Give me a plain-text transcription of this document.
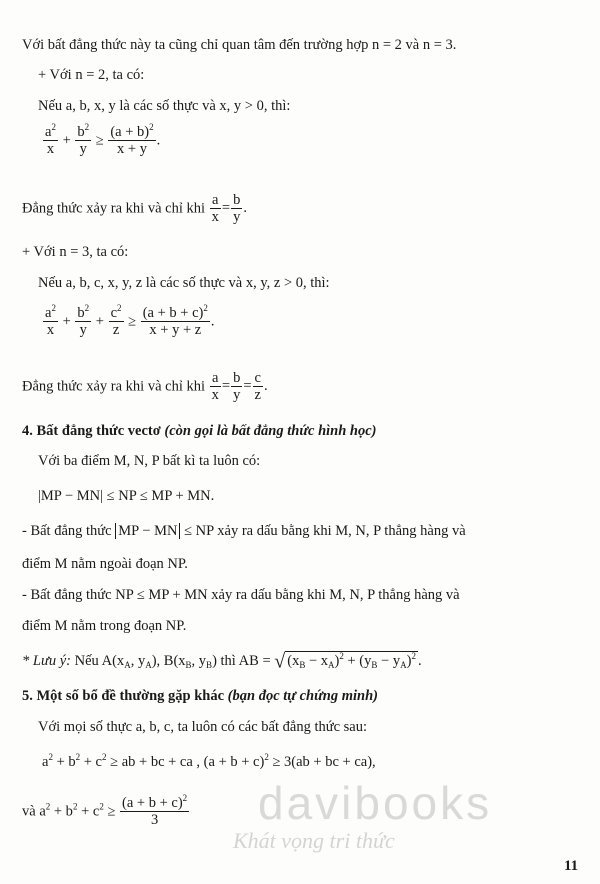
Với bất đẳng thức này ta cũng chỉ quan tâm đến trường hợp n = 2 và n = 3.
+ Với n = 2, ta có:
Nếu a, b, x, y là các số thực và x, y > 0, thì:
$\frac{a^2}{x} + \frac{b^2}{y} \ge \frac{(a + b)^2}{x + y}$ .
Đẳng thức xảy ra khi và chỉ khi $\frac{a}{x} = \frac{b}{y}$ .
+ Với n = 3, ta có:
Nếu a, b, c, x, y, z là các số thực và x, y, z > 0, thì:
$\frac{a^2}{x} + \frac{b^2}{y} + \frac{c^2}{z} \ge \frac{(a + b + c)^2}{x + y + z}$ .
Đẳng thức xảy ra khi và chỉ khi $\frac{a}{x} = \frac{b}{y} = \frac{c}{z}$ .
4. Bất đẳng thức vectơ (còn gọi là bất đẳng thức hình học)
Với ba điểm M, N, P bất kì ta luôn có:
|MP − MN| ≤ NP ≤ MP + MN.
- Bất đẳng thức MP − MN ≤ NP xảy ra dấu bằng khi M, N, P thẳng hàng và
điểm M nằm ngoài đoạn NP.
- Bất đẳng thức NP ≤ MP + MN xảy ra dấu bằng khi M, N, P thẳng hàng và
điểm M nằm trong đoạn NP.
* Lưu ý: Nếu $A(x_A$, $y_A$), $B(x_B$, $y_B$) thì AB = √ $(x_B - x_A)^2 + (y_B - y_A)^2$ .
5. Một số bổ đề thường gặp khác (bạn đọc tự chứng minh)
Với mọi số thực a, b, c, ta luôn có các bất đẳng thức sau:
$a^2 + b^2 + c^2$ ≥ ab + bc + ca , $(a + b + c)^2 \ge 3(ab$ + bc + ca),
và $a^2 + b^2 + c^2 \ge \frac{(a + b + c)^2}{3}$ davibooks
Khát vọng tri thức
11
